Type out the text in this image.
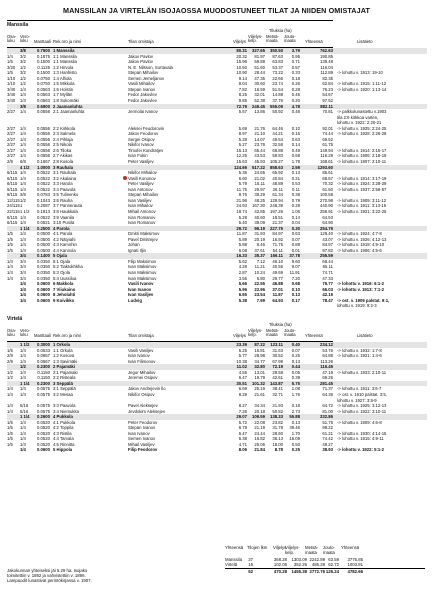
MANSSILAN JA VIRTELÄN ISOJAOSSA MUODOSTUNEET TILAT JA NIIDEN OMISTAJAT
Manssila
Osa-
luku
Vero-
luku	Manttaali Rek.nro ja nimi	Tilan omistaja
Tiluksia (ha)
Viljelys
Viljelys-
kelp.
Metsä-
maata
Jouto-
maata Yhteensä	Lisätieto
3/8	0.7500 1 Manssila	80.31	327.65	350.50	3.79	762.63
1/4	3/2	0.1875 1:1 Manssila	Jakov Pavlov	20.32	81.97	87.63	0.95	190.85
1/5	3/2	0.1500 1:1 Manssila	Jakov Pavlov	15.96	59.88	63.83	0.71	139.48
3/20	1/2	0.1125 1:2 Hirvola	N. E. Nilsson, Sortavala	10.50	51.60	53.37	0.57	116.04
1/5	3/2	0.1500 1:3 Hanhisto	Stepan Mihailov	10.90	28.44	73.22	0.33	112.89 -> lohottu v. 1913: 19-10
1/10	1/2	0.0750 1:4 Alhola	Semen Jemeljanov	9.14	47.35	22.66	0.18	82.35
1/10	1/2	0.0750 1:5 Mikkola	Vasili Mihailov	8.04	30.60	23.74	0.26	62.84 -> lohottu v. 1915: 1:11-12
3/40	1/4	0.0563 1:6 Holstin	Stepan Ivanov	7.82	16.59	51.54	0.28	76.23 -> lohottu v. 1920: 1:13-14
3/40	1/4	0.0563 1:7 Myllän	Fedor Jakovlev	8.25	32.01	14.88	0.45	54.67
3/40	1/4	0.0563 1:8 Sokomäki	Fedor Jakovlev	9.85	52.38	37.76	0.20	97.52
3/8	0.6900 2 Jaamanluhta	72.79	249.45	555.09	4.78	882.11
2/27	1/4	0.0556 2:1 Jaamanluhta	Jermolai Ivanov	5.57	13.86	50.92	0.46	70.81 -> palkkolunastettu v.1903
tila 2:9 kirkkoa varten,
lohottu v. 1922: 2:20-21
2/27	1/4	0.0556 2:2 Kirkkola	Aleksei Feodorovin	5.69	21.76	64.46	0.10	92.01 -> lohottu v. 1925: 2:24-25
2/27	1/4	0.0556 2:3 Salmela	Jakov Feodorov	8.97	21.10	44.21	0.16	74.44 -> lohottu v. 1928: 2:26-28
2/27	1/4	0.0556 2:4 Pihlaja	Sergei Osipov	5.28	14.07	49.54	0.63	69.52
2/27	1/4	0.0556 2:5 Nikola	Nikifor Ivanov	5.27	23.76	32.58	0.14	61.75
2/27	1/4	0.0556 2:6 Tiloka	Timofei Kondratjev	15.13	65.44	68.88	0.49	149.94 -> lohottu v. 1914: 2:15-17
2/27	1/4	0.0556 2:7 Akikas	Ivan Fokin	12.25	43.53	59.83	0.68	116.29 -> lohottu v. 1906: 2:18-19
2/9	6/8	0.1667 2:8 Kosola	Peter Vasiljev	15.63	45.93	105.27	1.78	168.61 -> lohottu v. 1907: 2:10-11
4 1/2	1.0000 3 Rauhala	124.66	517.22	858.63	2.59	1293.60
6/115 1/4	0.0522 3:1 Rauhala	Nikifor Mihailov	5.36	24.65	65.92	0.13	85.61
6/115 1/4	0.0522 3:2 Akalaina	Vasili Kononov	6.60	21.02	40.84	0.21	68.67 -> lohottu v. 1914: 3:17-19
6/115 1/4	0.0522 3:3 Harola	Peter Vasiljev	5.79	15.11	48.89	0.53	70.32 -> lohottu v. 1924: 3:28-29
6/115 1/4	0.0522 3:4 Paavola	Ivan Antonov	11.75	29.97	26.11	0.11	61.50 -> lohottu v. 1937: 2:56-57
9/115 3/8	0.0783 3:5 Tulinenko	Stepan Mihailov	9.76	39.29	61.34	0.38	100.58
12/115 1/2	0.1043 3:6 Rauha	Ivan Vasiljev	21.96	48.25	129.94	0.79	270.98 -> lohottu v. 1909: 3:11-12
24/115 1	0.2087 3:7 Pannerauta	Ivan Mihailov	24.93	167.30	248.39	0.28	440.90 -> lohottu v. 1911: 3:13-15
22/115 1 1/2	0.1913 3:8 Haukkala	Mihail Antonov	18.74	42.85	197.26	1.06	259.91 -> lohottu v. 1921: 3:22-25
6/115 1/4	0.0522 3:9 Vaanila	Ivan Romanov	5.28	40.60	18.51	0.14	64.53
6/115 1/4	0.0521 3:10 Punila	Ivan Romanov	5.40	38.09	21.37	0.04	64.90
1 1/4	0.2500 4 Parola	29.72	96.19	227.75	0.30	254.79
1/5	1/4	0.0500 4:1 Parola	Dmitri Maksimov	11.87	31.93	84.97	0.63	129.40 -> lohottu v. 1924: 4:7-8
1/5	1/4	0.0500 4:2 Nätyiahi	Pavel Dmitrejev	5.89	20.19	16.92	0.07	43.07 -> lohottu v. 1926: 4:12-13
1/5	1/4	0.0500 4:3 Kamnhin	Johan	5.88	6.46	71.75	0.88	84.97 -> lohottu v. 1918: 4:9-10
1/5	1/4	0.0500 4:4 Kannola	Ignati Iljin	6.08	37.61	54.11	0.01	97.82 -> lohottu v. 1906: 4:5-6
3/4	0.1400 5 Ojala	16.33	35.37	166.11	37.78	255.59
1/4	3/4	0.0350 5:1 Ojala	Filip Maksimov	5.62	7.12	46.10	9.60	68.44
1/4	3/4	0.0350 5:2 Tiaktokhkha	Ivan Maksimov	4.28	11.21	40.55	9.07	65.11
1/4	3/4	0.0350 5:3 Ojola	Ivan Maksimov	2.87	10.24	49.69	11.91	74.71
1/4	3/4	0.0350 5:4 Uussiloa	Ivan Maksimov	3.56	6.80	29.77	7.20	47.33
1/4	0.0600 6 Makkola	Vasili Ivanov	5.66	22.55	46.88	0.68	75.77 -> lohottu v. 1916: 6:1-2
1/4	0.0600 7 Viiukaino	Ivan Ivanov	5.96	22.96	37.01	0.10	66.03 -> lohottu v. 1913: 7:1-2
1/4	0.0600 8 Jeholahti	Ivan Vasiljev	6.65	23.54	11.87	0.13	42.19
1/4	0.0600 9 Koivikko	Ludvig	5.38	7.99	64.93	0.17	78.47 -> ost. v. 1909 palstat. 9:1,
lohottu v. 1919: 9:2-3
Virtelä
Osa-
luku
Vero-
luku	Manttaali Rek.nro ja nimi	Tilan omistaja
Tiluksia (ha)
Viljelys
Viljelys-
kelp.
Metsä-
maata
Jouto-
maata Yhteensä	Lisätieto
1 1/2	0.3000 1 Orkola	23.39	87.22	123.11	0.40	234.12
1/5	1/4	0.0533 1:1 Orkola	Vasili Vasiljev	5.25	16.81	31.63	0.07	53.76 -> lohottu v. 1932: 1:7-8
2/9	1/4	0.0667 1:2 Kosova	Ivan Ivanov	5.77	28.98	30.52	0.25	64.88 -> lohottu v. 1921: 1:4-6
2/9	1/4	0.0667 1:3 Savimäki	Ivan Filimonov	10.38	34.77	67.99	0.13	113.26
1/2	0.2300 2 Pajamäki	11.02	32.80	72.19	0.44	116.45
1/2	1/4	0.1150 2:1 Pajamaki	Jegor Mihailov	4.55	13.01	29.58	0.05	47.19 -> lohottu v. 1933: 2:10-11
1/2	1/4	0.1150 2:2 Risteala	Jeremei Osipov	6.47	19.79	42.61	0.39	69.26
1 1/4	0.2300 3 Seppälä	30.51	101.32	143.87	5.75	281.45
1/4	1/4	0.0575 3:1 Seppälä	Jakov Andrejevin llo	6.69	25.19	38.41	1.08	71.37 -> lohottu v. 1911: 3:6-7
1/4	1/4	0.0575 3:2 Mesaa	Nikifor Osipov	8.29	21.61	32.71	1.76	64.36 -> ost. v. 1910 palstat. 3:5,
lohottu v. 1927: 3:8-9
1/4	5/16	0.0575 3:3 Paavola	Pavel Aleksejev	8.27	34.34	21.93	0.18	64.72 -> lohottu v. 1925: 3:12-13
1/4	5/16	0.0575 3:4 Niemukka	Jevdokim Aleksejev	7.26	20.18	50.82	2.73	81.00 -> lohottu v. 1922: 3:10-11
1 1/4	0.2600 4 Pukkola	29.07	109.59	138.33	55.88	332.86
1/5	1/4	0.0520 4:1 Pukkola	Peter Feodorov	5.72	22.08	23.82	0.13	51.75 -> lohottu v. 1909: 4:6-8
1/5	1/4	0.0520 4:2 Toppila	Stepan Ivanov	6.79	21.19	31.78	39.46	99.22
1/5	1/4	0.0520 4:3 Ristila	Ivan Ivanov	6.47	24.44	28.60	1.70	61.21 -> lohottu v. 1930: 4:14-15
1/5	1/4	0.0520 4:4 Tarvala	Semen Ivanov	5.38	16.82	36.13	16.09	74.42 -> lohottu v. 1915: 4:9-11
1/5	1/4	0.0520 4:5 Rinnitta	Mihail Vasiljev	4.71	25.06	18.00	0.50	48.27
1/4	0.0600 5 Hippola	Filip Feodorov	8.06	21.84	8.78	0.25	38.93 -> lohottu v. 1922: 5:1-2
Yhteensä Tilojen lkm Viljelys
Viljelys-
kelp.
Metsä-
maata
Jouto-
maata
Yhteensä
Manssila 37	368.28 1303.09 2242.89 63.59 3776.85
Virtelä	15	102.05 352.26 486.28 62.72 1003.81
52	470.28 1455.38 2772.76 126.24 4782.66
Jakokunnan yhteiseksi jäi 5.29 ha. Isojako
toimitettiin v. 1892 ja vahvistettiin v. 1896.
Lampuodit lunastivat perintökirjansa v. 1907.
